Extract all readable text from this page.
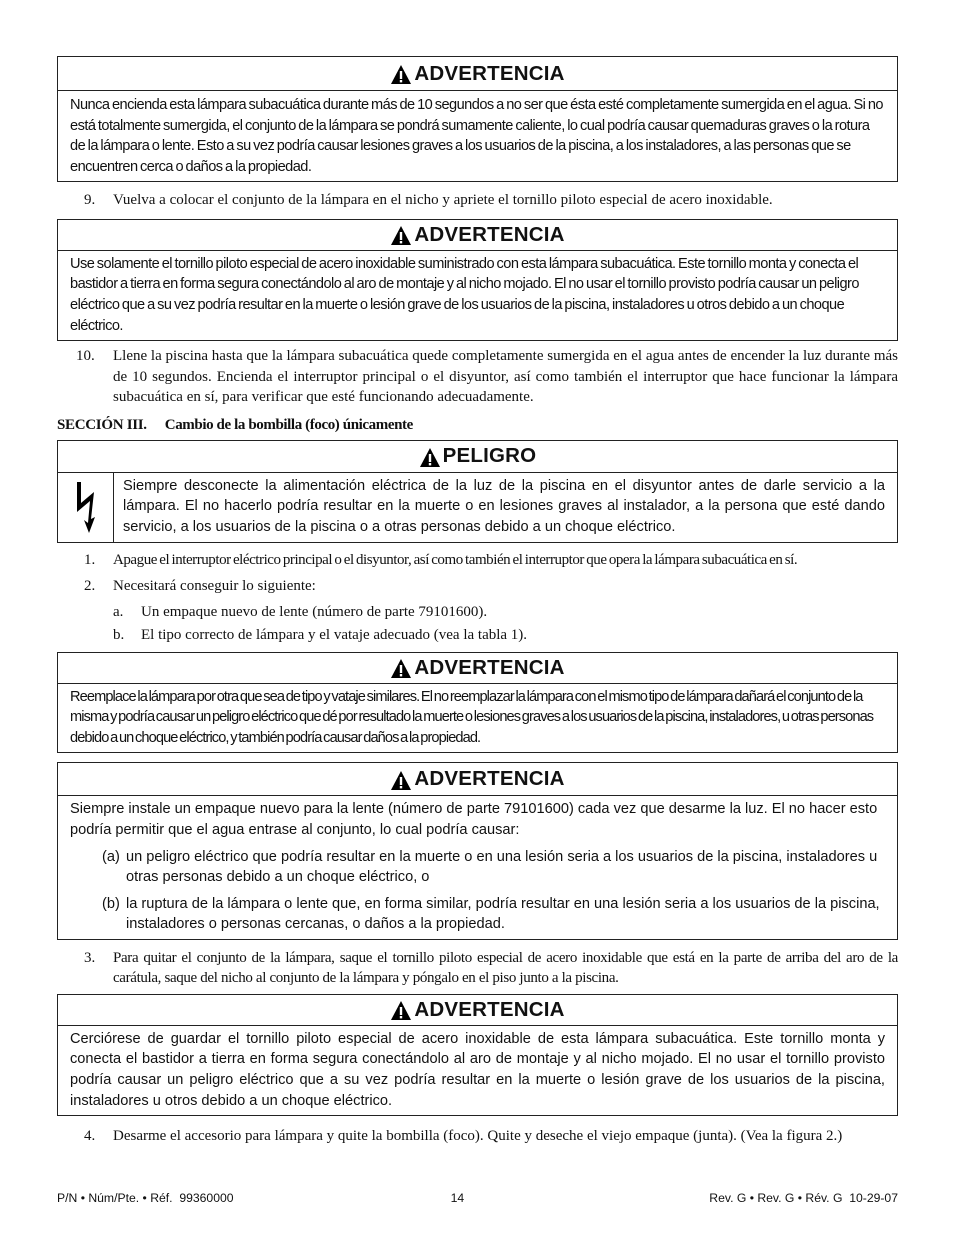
ADVERTENCIA
Nunca encienda esta lámpara subacuática durante más de 10 segundos a no ser que ésta esté completamente sumergida en el agua. Si no está totalmente sumergida, el conjunto de la lámpara se pondrá sumamente caliente, lo cual podría causar quemaduras graves o la rotura de la lámpara o lente. Esto a su vez podría causar lesiones graves a los usuarios de la piscina, a los instaladores, a las personas que se encuentren cerca o daños a la propiedad.
9.	Vuelva a colocar el conjunto de la lámpara en el nicho y apriete el tornillo piloto especial de acero inoxidable.
ADVERTENCIA
Use solamente el tornillo piloto especial de acero inoxidable suministrado con esta lámpara subacuática. Este tornillo monta y conecta el bastidor a tierra en forma segura conectándolo al aro de montaje y al nicho mojado. El no usar el tornillo provisto podría causar un peligro eléctrico que a su vez podría resultar en la muerte o lesión grave de los usuarios de la piscina, instaladores u otros debido a un choque eléctrico.
10.	Llene la piscina hasta que la lámpara subacuática quede completamente sumergida en el agua antes de encender la luz durante más de 10 segundos. Encienda el interruptor principal o el disyuntor, así como también el interruptor que hace funcionar la lámpara subacuática en sí, para verificar que esté funcionando adecuadamente.
SECCIÓN III. Cambio de la bombilla (foco) únicamente
PELIGRO
Siempre desconecte la alimentación eléctrica de la luz de la piscina en el disyuntor antes de darle servicio a la lámpara. El no hacerlo podría resultar en la muerte o en lesiones graves al instalador, a la persona que esté dando servicio, a los usuarios de la piscina o a otras personas debido a un choque eléctrico.
1.	Apague el interruptor eléctrico principal o el disyuntor, así como también el interruptor que opera la lámpara subacuática en sí.
2.	Necesitará conseguir lo siguiente:
a.	Un empaque nuevo de lente (número de parte 79101600).
b.	El tipo correcto de lámpara y el vataje adecuado (vea la tabla 1).
ADVERTENCIA
Reemplace la lámpara por otra que sea de tipo y vataje similares. El no reemplazar la lámpara con el mismo tipo de lámpara dañará el conjunto de la misma y podría causar un peligro eléctrico que dé por resultado la muerte o lesiones graves a los usuarios de la piscina, instaladores, u otras personas debido a un choque eléctrico, y también podría causar daños a la propiedad.
ADVERTENCIA

Siempre instale un empaque nuevo para la lente (número de parte 79101600) cada vez que desarme la luz. El no hacer esto podría permitir que el agua entrase al conjunto, lo cual podría causar:

(a) un peligro eléctrico que podría resultar en la muerte o en una lesión seria a los usuarios de la piscina, instaladores u otras personas debido a un choque eléctrico, o
(b) la ruptura de la lámpara o lente que, en forma similar, podría resultar en una lesión seria a los usuarios de la piscina, instaladores o personas cercanas, o daños a la propiedad.
3.	Para quitar el conjunto de la lámpara, saque el tornillo piloto especial de acero inoxidable que está en la parte de arriba del aro de la carátula, saque del nicho al conjunto de la lámpara y póngalo en el piso junto a la piscina.
ADVERTENCIA
Cerciórese de guardar el tornillo piloto especial de acero inoxidable de esta lámpara subacuática. Este tornillo monta y conecta el bastidor a tierra en forma segura conectándolo al aro de montaje y al nicho mojado. El no usar el tornillo provisto podría causar un peligro eléctrico que a su vez podría resultar en la muerte o lesión grave de los usuarios de la piscina, instaladores u otros debido a un choque eléctrico.
4.	Desarme el accesorio para lámpara y quite la bombilla (foco). Quite y deseche el viejo empaque (junta). (Vea la figura 2.)
P/N • Núm/Pte. • Réf.  99360000	14	Rev. G • Rev. G • Rév. G  10-29-07
